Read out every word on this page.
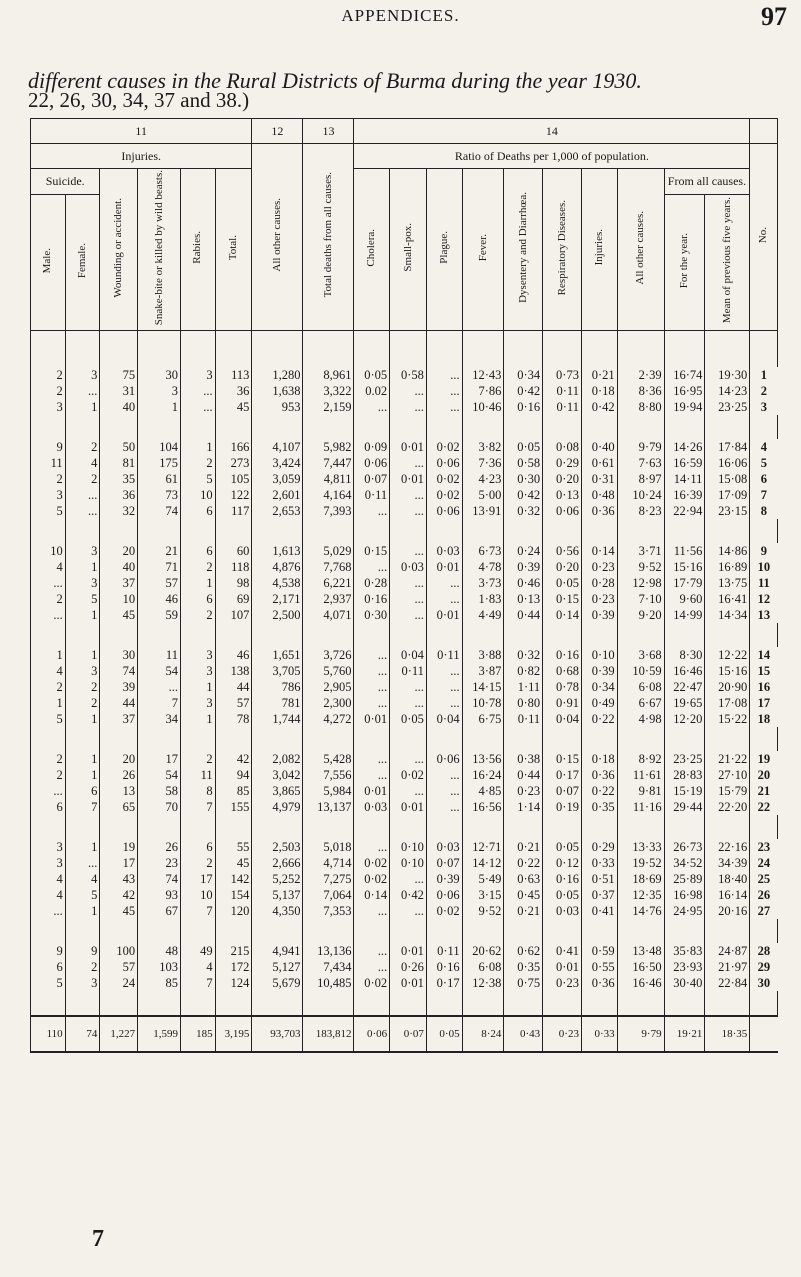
APPENDICES.	97
different causes in the Rural Districts of Burma during the year 1930.
22, 26, 30, 34, 37 and 38.)
11						12	13	14										
Injuries.						All other causes.	Total deaths from all causes.	Ratio of Deaths per 1,000 of population.										No.
Suicide.		Wounding or accident.	Snake-bite or killed by wild beasts.	Rabies.	Total.			Cholera.	Small-pox.	Plague.	Fever.	Dysentery and Diarrhœa.	Respiratory Diseases.	Injuries.	All other causes.	From all causes.		
Male.	Female.															For the year.	Mean of previous five years.	

2	3	75	30	3	113	1,280	8,961	0·05	0·58	...	12·43	0·34	0·73	0·21	2·39	16·74	19·30	1
2	...	31	3	...	36	1,638	3,322	0.02	...	...	7·86	0·42	0·11	0·18	8·36	16·95	14·23	2
3	1	40	1	...	45	953	2,159	...	...	...	10·46	0·16	0·11	0·42	8·80	19·94	23·25	3

9	2	50	104	1	166	4,107	5,982	0·09	0·01	0·02	3·82	0·05	0·08	0·40	9·79	14·26	17·84	4
11	4	81	175	2	273	3,424	7,447	0·06	...	0·06	7·36	0·58	0·29	0·61	7·63	16·59	16·06	5
2	2	35	61	5	105	3,059	4,811	0·07	0·01	0·02	4·23	0·30	0·20	0·31	8·97	14·11	15·08	6
3	...	36	73	10	122	2,601	4,164	0·11	...	0·02	5·00	0·42	0·13	0·48	10·24	16·39	17·09	7
5	...	32	74	6	117	2,653	7,393	...	...	0·06	13·91	0·32	0·06	0·36	8·23	22·94	23·15	8

10	3	20	21	6	60	1,613	5,029	0·15	...	0·03	6·73	0·24	0·56	0·14	3·71	11·56	14·86	9
4	1	40	71	2	118	4,876	7,768	...	0·03	0·01	4·78	0·39	0·20	0·23	9·52	15·16	16·89	10
...	3	37	57	1	98	4,538	6,221	0·28	...	...	3·73	0·46	0·05	0·28	12·98	17·79	13·75	11
2	5	10	46	6	69	2,171	2,937	0·16	...	...	1·83	0·13	0·15	0·23	7·10	9·60	16·41	12
...	1	45	59	2	107	2,500	4,071	0·30	...	0·01	4·49	0·44	0·14	0·39	9·20	14·99	14·34	13

1	1	30	11	3	46	1,651	3,726	...	0·04	0·11	3·88	0·32	0·16	0·10	3·68	8·30	12·22	14
4	3	74	54	3	138	3,705	5,760	...	0·11	...	3·87	0·82	0·68	0·39	10·59	16·46	15·16	15
2	2	39	...	1	44	786	2,905	...	...	...	14·15	1·11	0·78	0·34	6·08	22·47	20·90	16
1	2	44	7	3	57	781	2,300	...	...	...	10·78	0·80	0·91	0·49	6·67	19·65	17·08	17
5	1	37	34	1	78	1,744	4,272	0·01	0·05	0·04	6·75	0·11	0·04	0·22	4·98	12·20	15·22	18

2	1	20	17	2	42	2,082	5,428	...	...	0·06	13·56	0·38	0·15	0·18	8·92	23·25	21·22	19
2	1	26	54	11	94	3,042	7,556	...	0·02	...	16·24	0·44	0·17	0·36	11·61	28·83	27·10	20
...	6	13	58	8	85	3,865	5,984	0·01	...	...	4·85	0·23	0·07	0·22	9·81	15·19	15·79	21
6	7	65	70	7	155	4,979	13,137	0·03	0·01	...	16·56	1·14	0·19	0·35	11·16	29·44	22·20	22

3	1	19	26	6	55	2,503	5,018	...	0·10	0·03	12·71	0·21	0·05	0·29	13·33	26·73	22·16	23
3	...	17	23	2	45	2,666	4,714	0·02	0·10	0·07	14·12	0·22	0·12	0·33	19·52	34·52	34·39	24
4	4	43	74	17	142	5,252	7,275	0·02	...	0·39	5·49	0·63	0·16	0·51	18·69	25·89	18·40	25
4	5	42	93	10	154	5,137	7,064	0·14	0·42	0·06	3·15	0·45	0·05	0·37	12·35	16·98	16·14	26
...	1	45	67	7	120	4,350	7,353	...	...	0·02	9·52	0·21	0·03	0·41	14·76	24·95	20·16	27

9	9	100	48	49	215	4,941	13,136	...	0·01	0·11	20·62	0·62	0·41	0·59	13·48	35·83	24·87	28
6	2	57	103	4	172	5,127	7,434	...	0·26	0·16	6·08	0·35	0·01	0·55	16·50	23·93	21·97	29
5	3	24	85	7	124	5,679	10,485	0·02	0·01	0·17	12·38	0·75	0·23	0·36	16·46	30·40	22·84	30

110	74	1,227	1,599	185	3,195	93,703	183,812	0·06	0·07	0·05	8·24	0·43	0·23	0·33	9·79	19·21	18·35	
7
